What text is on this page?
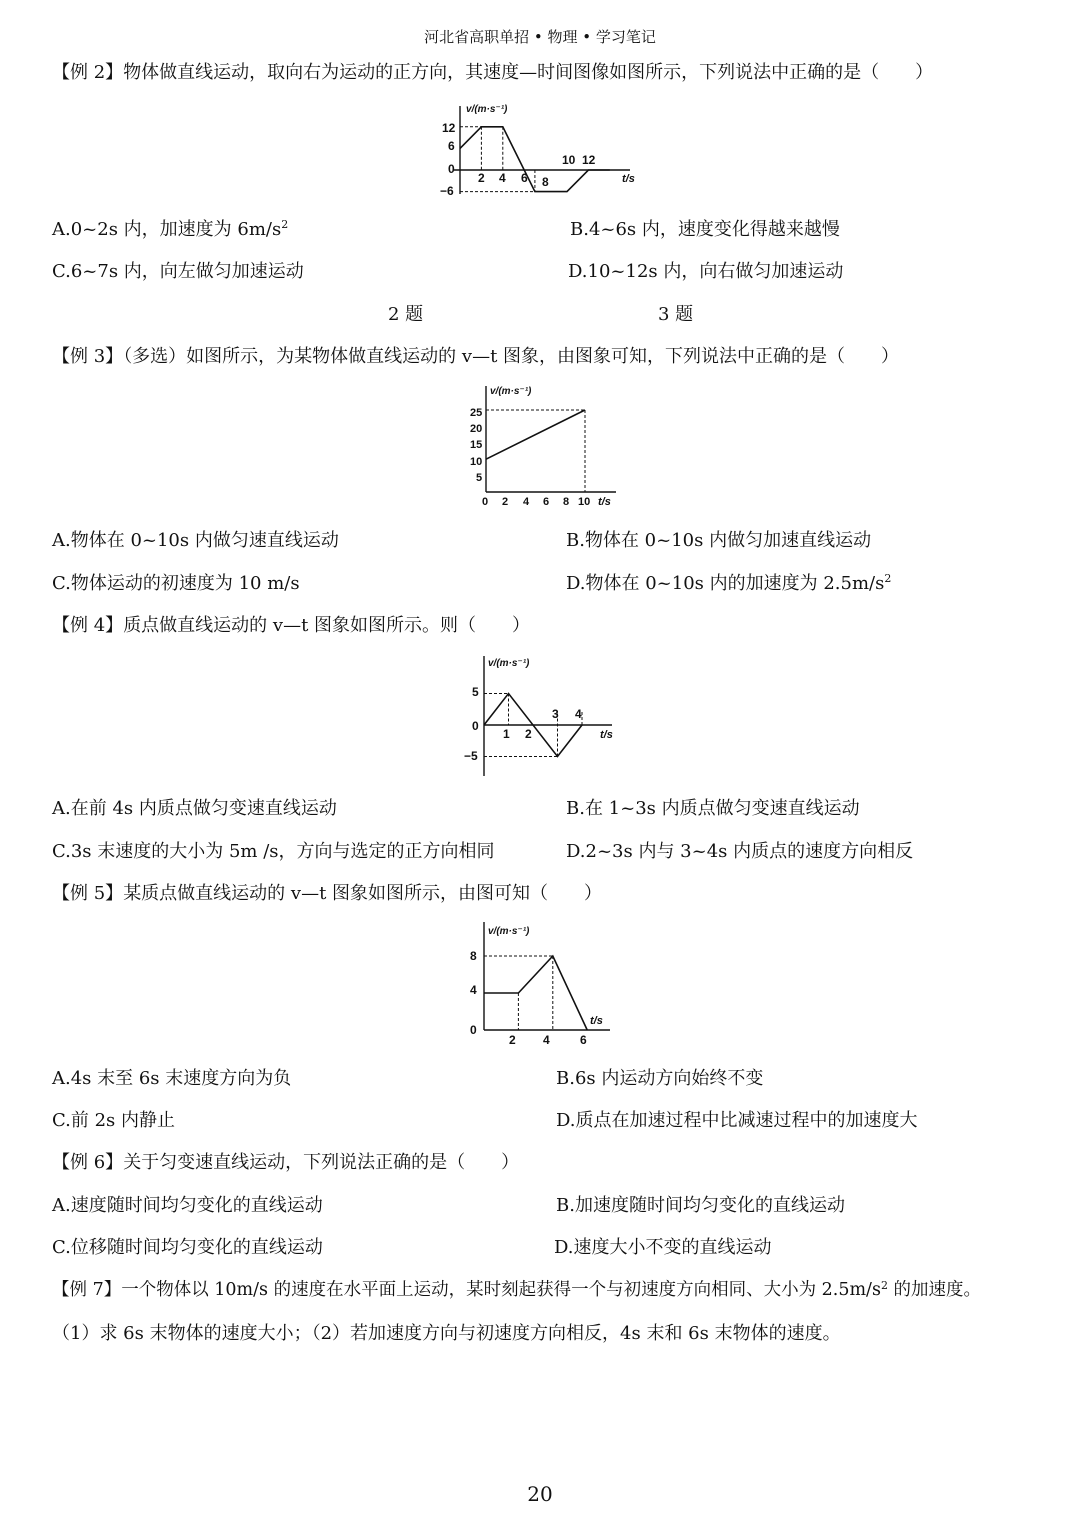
河北省高职单招 • 物理 • 学习笔记
【例 2】物体做直线运动，取向右为运动的正方向，其速度—时间图像如图所示，下列说法中正确的是（　　）
v/(m·s⁻¹)
t/s
12
6
0
−6
2 4 6 8
10 12
A.0~2s 内，加速度为 $6m/s^2$	B.4~6s 内，速度变化得越来越慢
C.6~7s 内，向左做匀加速运动	D.10~12s 内，向右做匀加速运动
2 题	3 题
【例 3】（多选）如图所示，为某物体做直线运动的 v—t 图象，由图象可知，下列说法中正确的是（　　）
v/(m·s⁻¹)
t/s
25
20
15
10
5
0 2 4 6 8 10
A.物体在 0~10s 内做匀速直线运动	B.物体在 0~10s 内做匀加速直线运动
C.物体运动的初速度为 10 m/s	D.物体在 0~10s 内的加速度为 $2.5m/s^2$
【例 4】质点做直线运动的 v—t 图象如图所示。则（　　）
v/(m·s⁻¹)
t/s
5
0
−5
1 2
3 4
A.在前 4s 内质点做匀变速直线运动	B.在 1~3s 内质点做匀变速直线运动
C.3s 末速度的大小为 5m /s，方向与选定的正方向相同	D.2~3s 内与 3~4s 内质点的速度方向相反
【例 5】某质点做直线运动的 v—t 图象如图所示，由图可知（　　）
v/(m·s⁻¹)
t/s
8
4
0
2 4	6
A.4s 末至 6s 末速度方向为负	B.6s 内运动方向始终不变
C.前 2s 内静止	D.质点在加速过程中比减速过程中的加速度大
【例 6】关于匀变速直线运动，下列说法正确的是（　　）
A.速度随时间均匀变化的直线运动	B.加速度随时间均匀变化的直线运动
C.位移随时间均匀变化的直线运动	D.速度大小不变的直线运动
【例 7】一个物体以 10m/s 的速度在水平面上运动，某时刻起获得一个与初速度方向相同、大小为 $2.5m/s^2$ 的加速度。
（1）求 6s 末物体的速度大小；（2）若加速度方向与初速度方向相反，4s 末和 6s 末物体的速度。
20
